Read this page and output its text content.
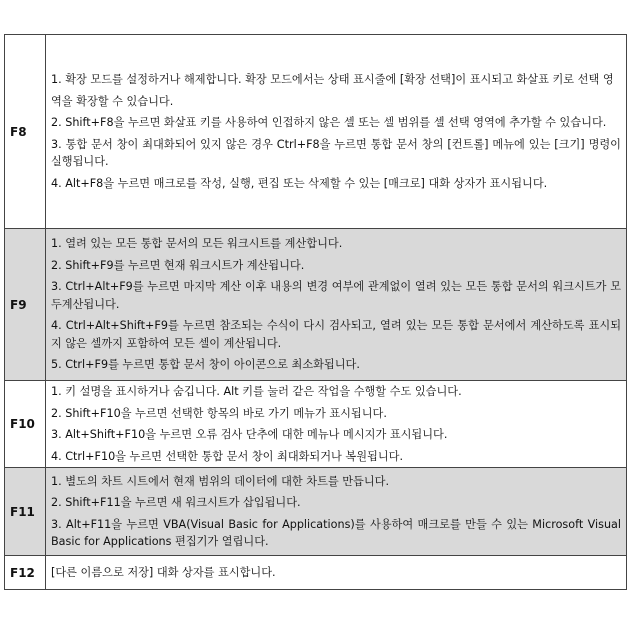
F8	1. 확장 모드를 설정하거나 해제합니다. 확장 모드에서는 상태 표시줄에 [확장 선택]이 표시되고 화살표 키로 선택 영

역을 확장할 수 있습니다.

2. Shift+F8을 누르면 화살표 키를 사용하여 인접하지 않은 셀 또는 셀 범위를 셀 선택 영역에 추가할 수 있습니다.

3. 통합 문서 창이 최대화되어 있지 않은 경우 Ctrl+F8을 누르면 통합 문서 창의 [컨트롤] 메뉴에 있는 [크기] 명령이 실행됩니다.

4. Alt+F8을 누르면 매크로를 작성, 실행, 편집 또는 삭제할 수 있는 [매크로] 대화 상자가 표시됩니다.

F9	1. 열려 있는 모든 통합 문서의 모든 워크시트를 계산합니다.

2. Shift+F9를 누르면 현재 워크시트가 계산됩니다.

3. Ctrl+Alt+F9를 누르면 마지막 계산 이후 내용의 변경 여부에 관계없이 열려 있는 모든 통합 문서의 워크시트가 모두계산됩니다.

4. Ctrl+Alt+Shift+F9를 누르면 참조되는 수식이 다시 검사되고, 열려 있는 모든 통합 문서에서 계산하도록 표시되지 않은 셀까지 포함하여 모든 셀이 계산됩니다.

5. Ctrl+F9를 누르면 통합 문서 창이 아이콘으로 최소화됩니다.

F10	1. 키 설명을 표시하거나 숨깁니다. Alt 키를 눌러 같은 작업을 수행할 수도 있습니다.

2. Shift+F10을 누르면 선택한 항목의 바로 가기 메뉴가 표시됩니다.

3. Alt+Shift+F10을 누르면 오류 검사 단추에 대한 메뉴나 메시지가 표시됩니다.

4. Ctrl+F10을 누르면 선택한 통합 문서 창이 최대화되거나 복원됩니다.

F11	1. 별도의 차트 시트에서 현재 범위의 데이터에 대한 차트를 만듭니다.

2. Shift+F11을 누르면 새 워크시트가 삽입됩니다.

3. Alt+F11을 누르면 VBA(Visual Basic for Applications)를 사용하여 매크로를 만들 수 있는 Microsoft Visual Basic for Applications 편집기가 열립니다.

F12	[다른 이름으로 저장] 대화 상자를 표시합니다.
